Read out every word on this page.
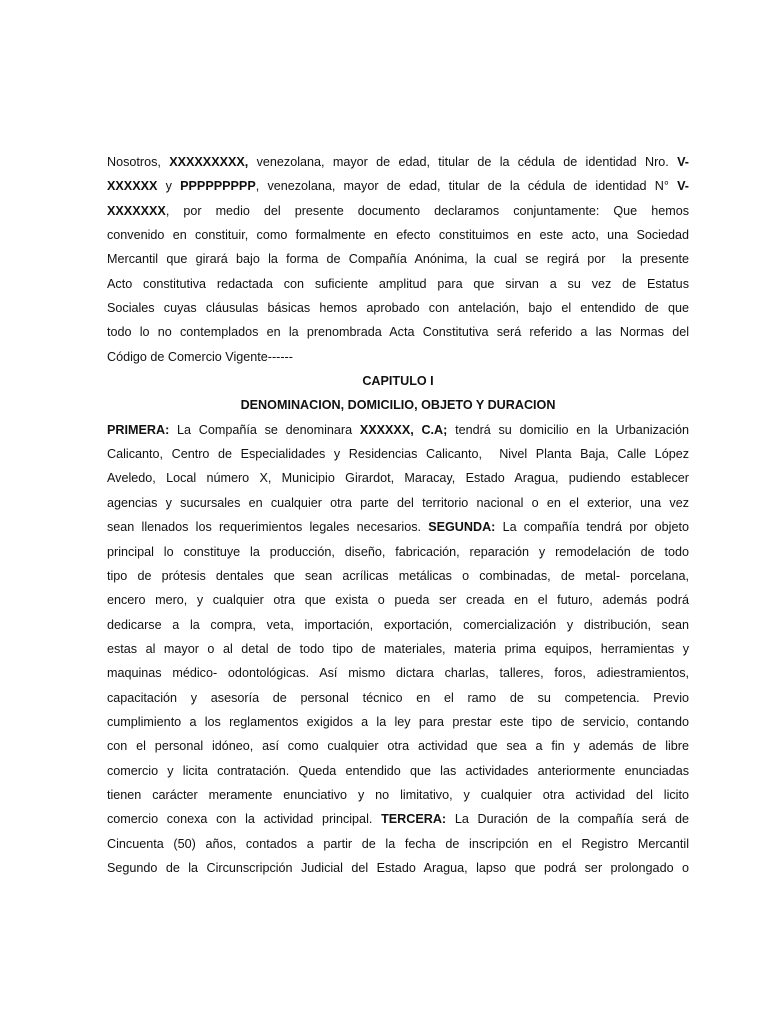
Nosotros, XXXXXXXXX, venezolana, mayor de edad, titular de la cédula de identidad Nro. V-
XXXXXX y PPPPPPPPP, venezolana, mayor de edad, titular de la cédula de identidad N° V-
XXXXXXX, por medio del presente documento declaramos conjuntamente: Que hemos
convenido en constituir, como formalmente en efecto constituimos en este acto, una Sociedad
Mercantil que girará bajo la forma de Compañía Anónima, la cual se regirá por  la presente
Acto constitutiva redactada con suficiente amplitud para que sirvan a su vez de Estatus
Sociales cuyas cláusulas básicas hemos aprobado con antelación, bajo el entendido de que
todo lo no contemplados en la prenombrada Acta Constitutiva será referido a las Normas del
Código de Comercio Vigente------
CAPITULO I
DENOMINACION, DOMICILIO, OBJETO Y DURACION
PRIMERA: La Compañía se denominara XXXXXX, C.A; tendrá su domicilio en la Urbanización
Calicanto, Centro de Especialidades y Residencias Calicanto,  Nivel Planta Baja, Calle López
Aveledo, Local número X, Municipio Girardot, Maracay, Estado Aragua, pudiendo establecer
agencias y sucursales en cualquier otra parte del territorio nacional o en el exterior, una vez
sean llenados los requerimientos legales necesarios. SEGUNDA: La compañía tendrá por objeto
principal lo constituye la producción, diseño, fabricación, reparación y remodelación de todo
tipo de prótesis dentales que sean acrílicas metálicas o combinadas, de metal- porcelana,
encero mero, y cualquier otra que exista o pueda ser creada en el futuro, además podrá
dedicarse a la compra, veta, importación, exportación, comercialización y distribución, sean
estas al mayor o al detal de todo tipo de materiales, materia prima equipos, herramientas y
maquinas médico- odontológicas. Así mismo dictara charlas, talleres, foros, adiestramientos,
capacitación y asesoría de personal técnico en el ramo de su competencia. Previo
cumplimiento a los reglamentos exigidos a la ley para prestar este tipo de servicio, contando
con el personal idóneo, así como cualquier otra actividad que sea a fin y además de libre
comercio y licita contratación. Queda entendido que las actividades anteriormente enunciadas
tienen carácter meramente enunciativo y no limitativo, y cualquier otra actividad del licito
comercio conexa con la actividad principal. TERCERA: La Duración de la compañía será de
Cincuenta (50) años, contados a partir de la fecha de inscripción en el Registro Mercantil
Segundo de la Circunscripción Judicial del Estado Aragua, lapso que podrá ser prolongado o
